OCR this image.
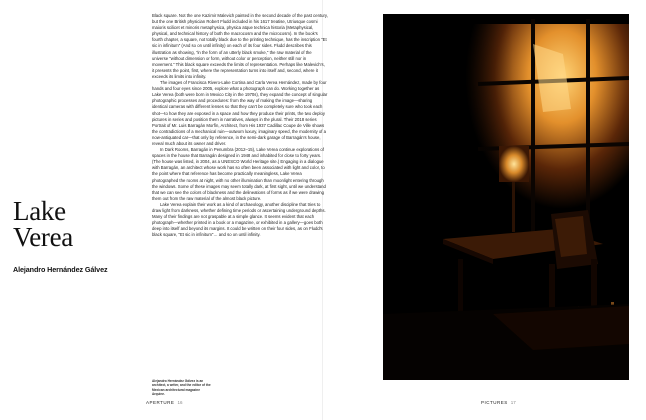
Lake
Verea
Alejandro Hernández Gálvez

Black square. Not the one Kazimir Malevich painted in the second decade of the past century, but the one British physician Robert Fludd included in his 1617 treatise, Utriusque cosmi maioris scilicet et minoris metaphysica, physica atque technica historia (Metaphysical, physical, and technical history of both the macrocosm and the microcosm). In the book's fourth chapter, a square, not totally black due to the printing technique, has the inscription "Et sic in infinitum" (And so on until infinity) on each of its four sides. Fludd describes this illustration as showing, "in the form of an utterly black smoke," the raw material of the universe "without dimension or form, without color or perception, neither still nor in movement." This black square exceeds the limits of representation. Perhaps like Malevich's, it presents the point, first, where the representation turns into itself and, second, where it exceeds its limits into infinity.

The images of Francisca Rivero-Lake Cortina and Carla Verea Hernández, made by four hands and four eyes since 2005, explore what a photograph can do. Working together as Lake Verea (both were born in Mexico City in the 1970s), they expand the concept of singular photographic processes and procedures: from the way of making the image—sharing identical cameras with different lenses so that they can't be completely sure who took each shot—to how they are exposed in a space and how they produce their prints, the two deploy pictures in series and position them in narratives, always in the plural. Their 2018 series Portrait of Mr. Luis Barragán Morfín, Architect, from His 1937 Cadillac Coupe de Ville shows the contradictions of a mechanical ruin—outworn luxury, imaginary speed, the modernity of a now-antiquated car—that only by reference, in the semi-dark garage of Barragán's house, reveal much about its owner and driver.

In Dark Rooms, Barragán in Penumbra (2012–15), Lake Verea continue explorations of spaces in the house that Barragán designed in 1948 and inhabited for close to forty years. (The house was listed, in 2004, as a UNESCO World Heritage site.) Engaging in a dialogue with Barragán, an architect whose work has so often been associated with light and color, to the point where that reference has become practically meaningless, Lake Verea photographed the rooms at night, with no other illumination than moonlight entering through the windows. Some of these images may seem totally dark, at first sight, until we understand that we can see the colors of blackness and the delineations of forms as if we were drawing them out from the raw material of the almost black picture.

Lake Verea explain their work as a kind of archaeology, another discipline that tries to draw light from darkness, whether defining time periods or ascertaining underground depths. Many of their findings are not graspable at a simple glance. It seems evident that each photograph—whether printed in a book or a magazine, or exhibited in a gallery—goes both deep into itself and beyond its margins. It could be written on their four sides, as on Fludd's black square, "Et sic in infinitum"… and so on until infinity.

Alejandro Hernández Gálvez is an architect, a writer, and the editor of the Mexican architectural magazine Arquine.
APERTURE 16	PICTURES 17
